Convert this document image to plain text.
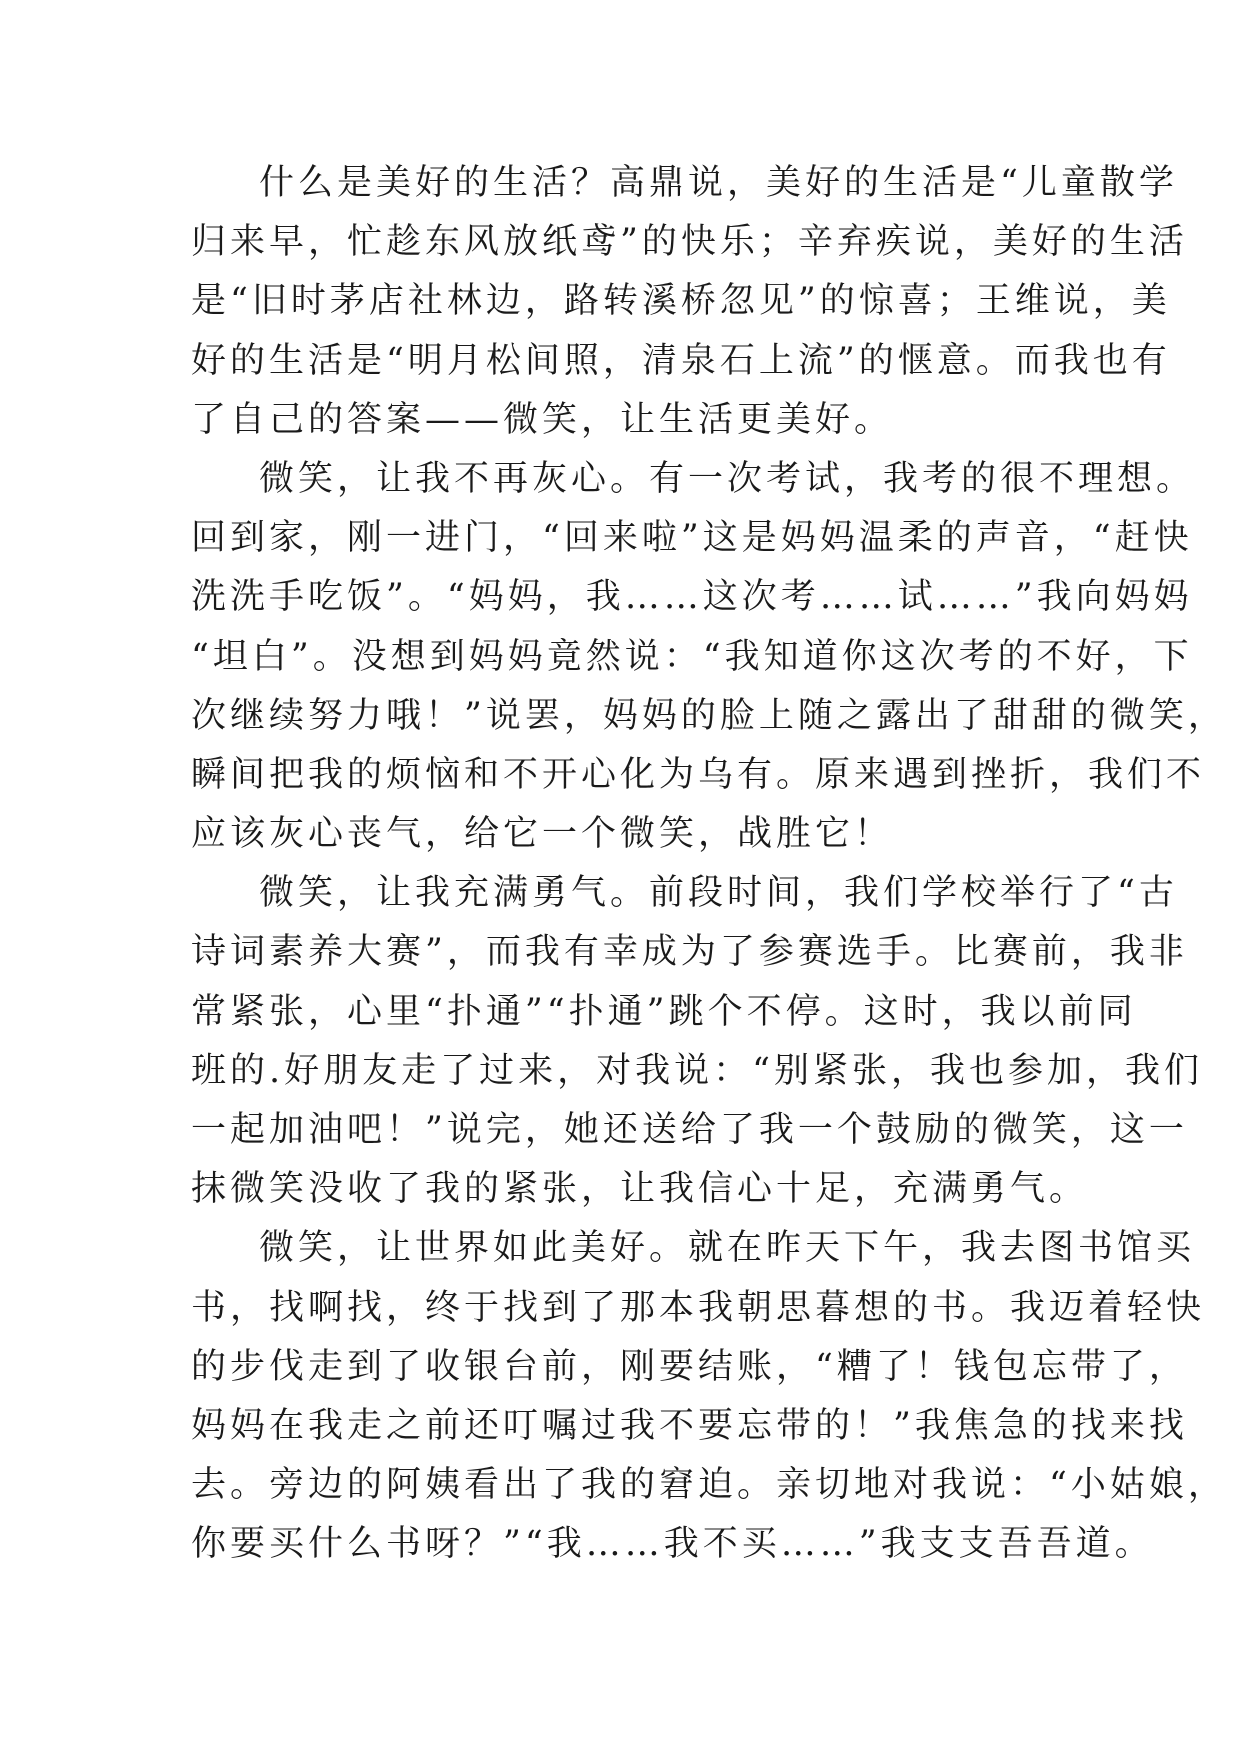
什么是美好的生活？高鼎说，美好的生活是“儿童散学
归来早，忙趁东风放纸鸢”的快乐；辛弃疾说，美好的生活
是“旧时茅店社林边，路转溪桥忽见”的惊喜；王维说，美
好的生活是“明月松间照，清泉石上流”的惬意。而我也有
了自己的答案——微笑，让生活更美好。
微笑，让我不再灰心。有一次考试，我考的很不理想。
回到家，刚一进门，“回来啦”这是妈妈温柔的声音，“赶快
洗洗手吃饭”。“妈妈，我……这次考……试……”我向妈妈
“坦白”。没想到妈妈竟然说：“我知道你这次考的不好，下
次继续努力哦！”说罢，妈妈的脸上随之露出了甜甜的微笑，
瞬间把我的烦恼和不开心化为乌有。原来遇到挫折，我们不
应该灰心丧气，给它一个微笑，战胜它！
微笑，让我充满勇气。前段时间，我们学校举行了“古
诗词素养大赛”，而我有幸成为了参赛选手。比赛前，我非
常紧张，心里“扑通”“扑通”跳个不停。这时，我以前同
班的.好朋友走了过来，对我说：“别紧张，我也参加，我们
一起加油吧！”说完，她还送给了我一个鼓励的微笑，这一
抹微笑没收了我的紧张，让我信心十足，充满勇气。
微笑，让世界如此美好。就在昨天下午，我去图书馆买
书，找啊找，终于找到了那本我朝思暮想的书。我迈着轻快
的步伐走到了收银台前，刚要结账，“糟了！钱包忘带了，
妈妈在我走之前还叮嘱过我不要忘带的！”我焦急的找来找
去。旁边的阿姨看出了我的窘迫。亲切地对我说：“小姑娘，
你要买什么书呀？”“我……我不买……”我支支吾吾道。
